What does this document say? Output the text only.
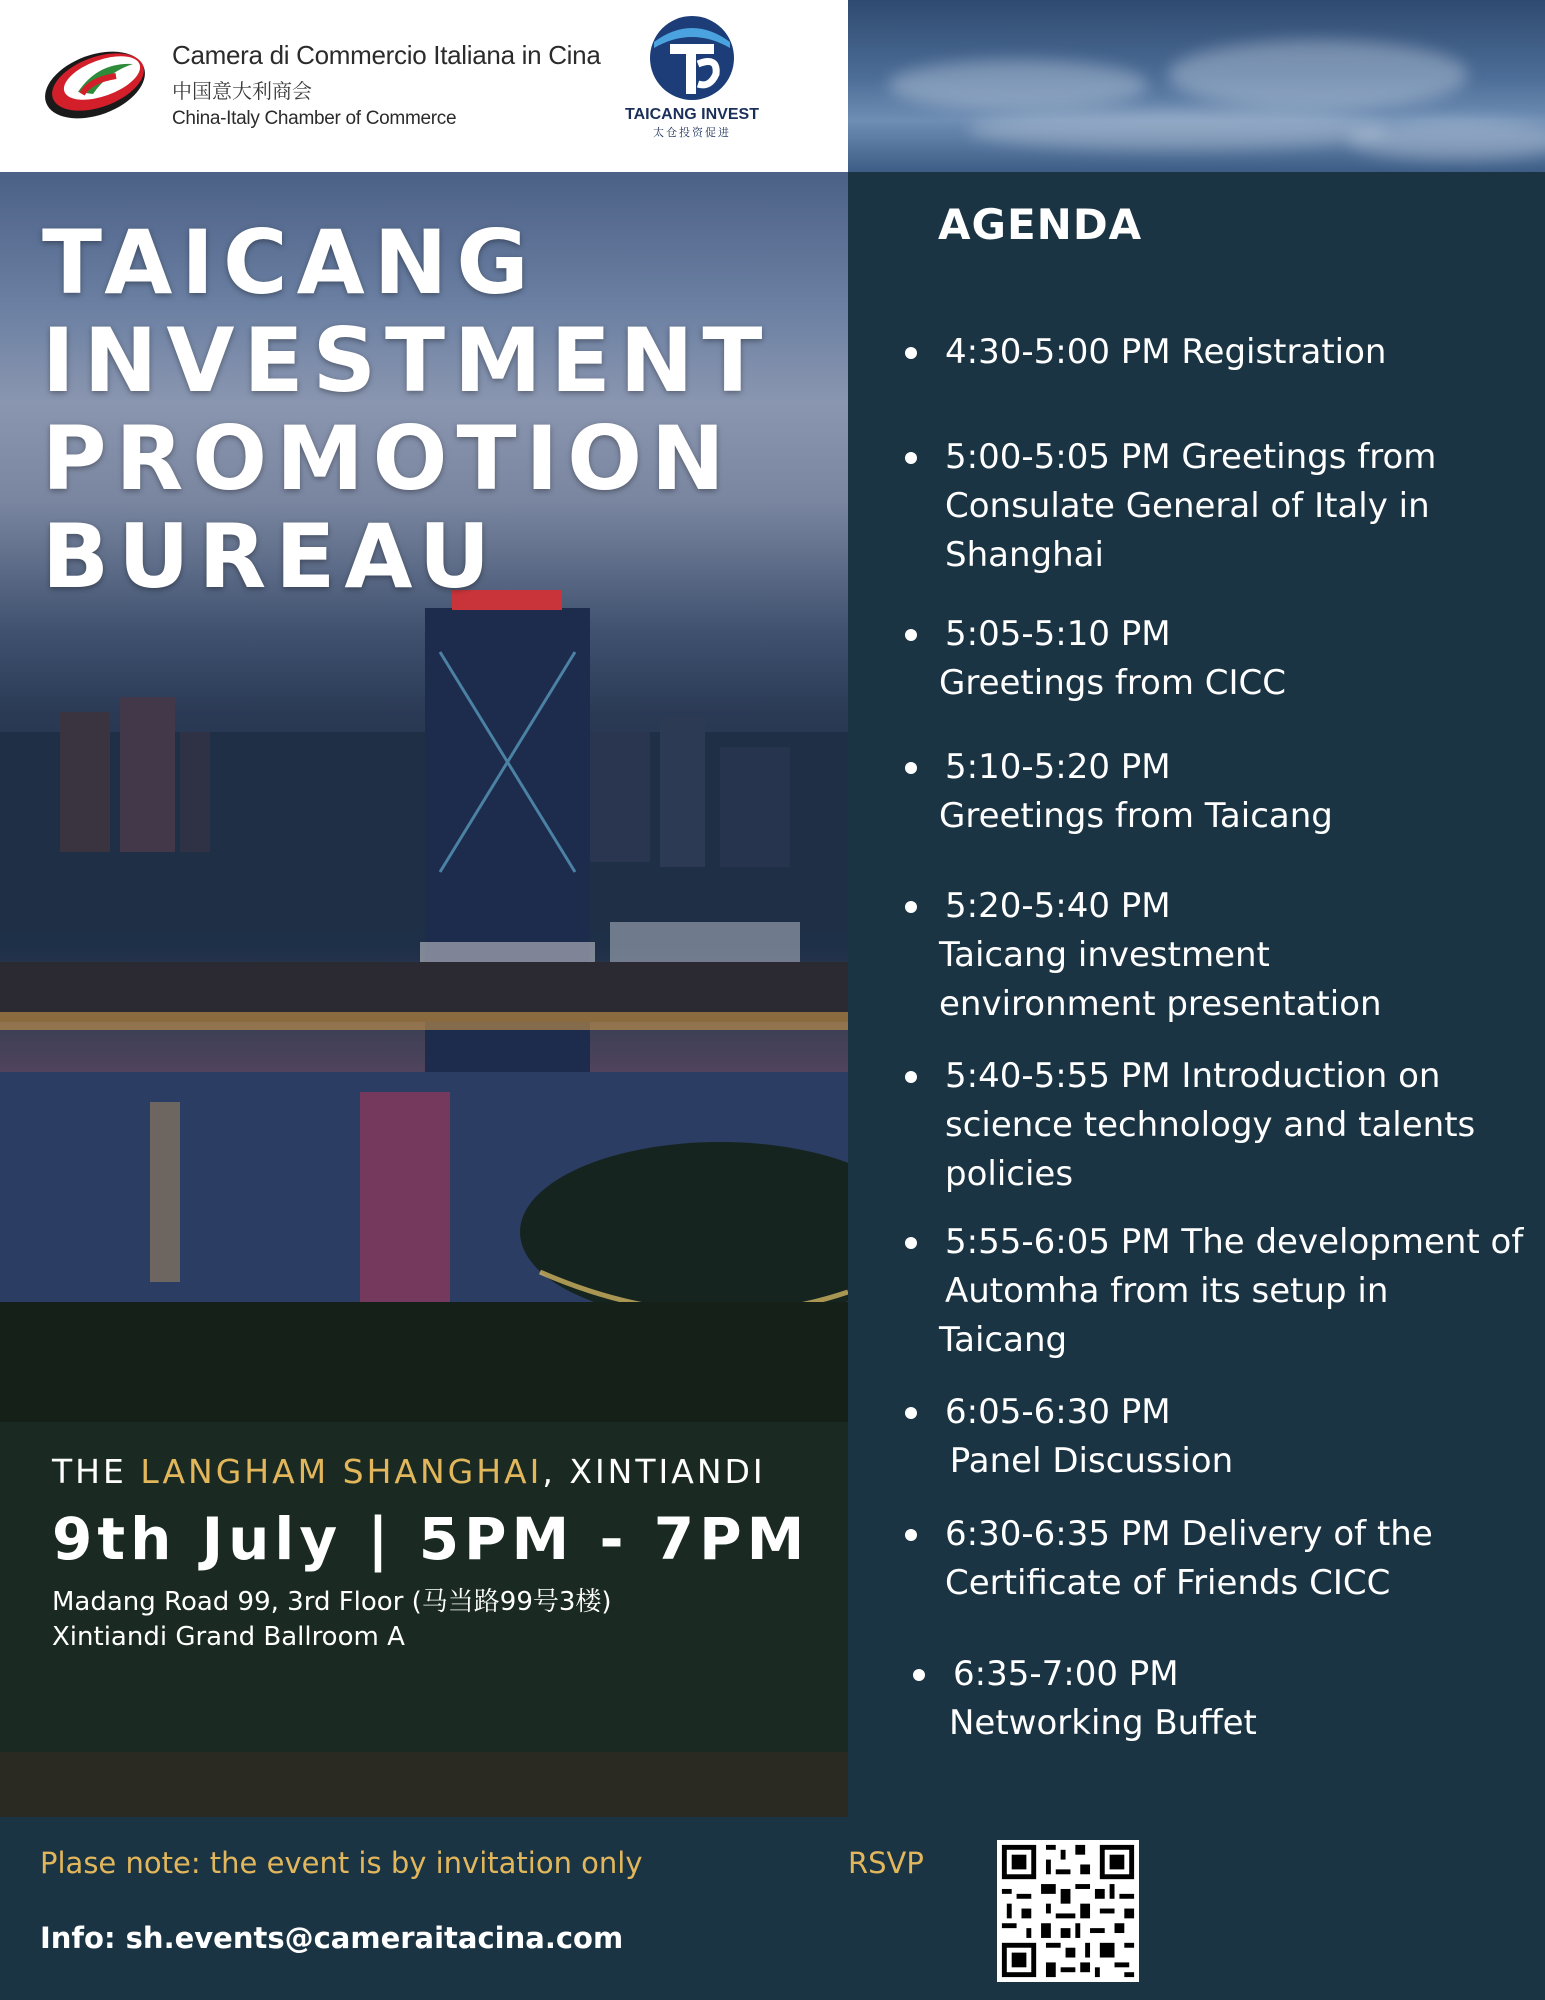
Camera di Commercio Italiana in Cina
中国意大利商会
China-Italy Chamber of Commerce	TAICANG INVEST
太仓投资促进
TAICANG
INVESTMENT
PROMOTION
BUREAU
THE LANGHAM SHANGHAI, XINTIANDI
9th July | 5PM - 7PM
Madang Road 99, 3rd Floor (马当路99号3楼)
Xintiandi Grand Ballroom A
AGENDA
4:30-5:00 PM Registration
5:00-5:05 PM Greetings from
Consulate General of Italy in
Shanghai
5:05-5:10 PM
Greetings from CICC
5:10-5:20 PM
Greetings from Taicang
5:20-5:40 PM
Taicang investment
environment presentation
5:40-5:55 PM Introduction on
science technology and talents
policies
5:55-6:05 PM The development of
Automha from its setup in
Taicang
6:05-6:30 PM
Panel Discussion
6:30-6:35 PM Delivery of the
Certificate of Friends CICC
6:35-7:00 PM
Networking Buffet
Plase note: the event is by invitation only	RSVP
Info: sh.events@cameraitacina.com
